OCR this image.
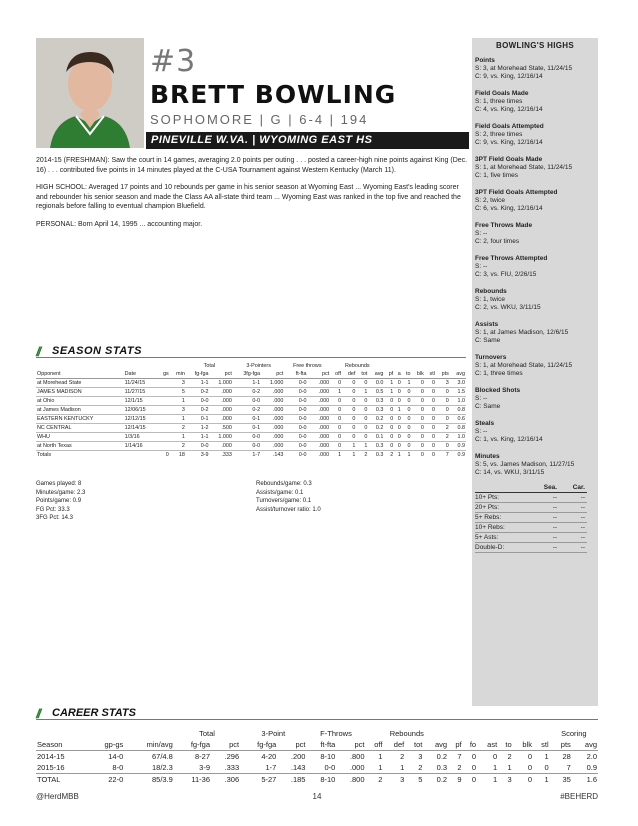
#3
BRETT BOWLING
SOPHOMORE | G | 6-4 | 194
PINEVILLE W.VA. | WYOMING EAST HS

2014-15 (FRESHMAN): Saw the court in 14 games, averaging 2.0 points per outing . . . posted a career-high nine points against King (Dec. 16) . . . contributed five points in 14 minutes played at the C-USA Tournament against Western Kentucky (March 11).

HIGH SCHOOL: Averaged 17 points and 10 rebounds per game in his senior season at Wyoming East ... Wyoming East's leading scorer and rebounder his senior season and made the Class AA all-state third team ... Wyoming East was ranked in the top five and reached the regionals before falling to eventual champion Bluefield.

PERSONAL: Born April 14, 1995 ... accounting major.

BOWLING'S HIGHS
Points
S: 3, at Morehead State, 11/24/15
C: 9, vs. King, 12/16/14
Field Goals Made
S: 1, three times
C: 4, vs. King, 12/16/14
Field Goals Attempted
S: 2, three times
C: 9, vs. King, 12/16/14
3PT Field Goals Made
S: 1, at Morehead State, 11/24/15
C: 1, five times
3PT Field Goals Attempted
S: 2, twice
C: 6, vs. King, 12/16/14
Free Throws Made
S: --
C: 2, four times
Free Throws Attempted
S: --
C: 3, vs. FIU, 2/26/15
Rebounds
S: 1, twice
C: 2, vs. WKU, 3/11/15
Assists
S: 1, at James Madison, 12/6/15
C: Same
Turnovers
S: 1, at Morehead State, 11/24/15
C: 1, three times
Blocked Shots
S: --
C: Same
Steals
S: --
C: 1, vs. King, 12/16/14
Minutes
S: 5, vs. James Madison, 11/27/15
C: 14, vs. WKU, 3/11/15
	Sea.	Car.
10+ Pts:	--	--
20+ Pts:	--	--
5+ Rebs:	--	--
10+ Rebs:	--	--
5+ Asts:	--	--
Double-D:	--	--
// SEASON STATS
				Total		3-Pointers		Free throws		Rebounds										
Opponent	Date	gs	min	fg-fga	pct	3fg-fga	pct	ft-fta	pct	off	def	tot	avg	pf	a	to	blk	stl	pts	avg
at Morehead State	11/24/15		3	1-1	1.000	1-1	1.000	0-0	.000	0	0	0	0.0	1	0	1	0	0	3	3.0
JAMES MADISON	11/27/15		5	0-2	.000	0-2	.000	0-0	.000	1	0	1	0.5	1	0	0	0	0	0	1.5
at Ohio	12/1/15		1	0-0	.000	0-0	.000	0-0	.000	0	0	0	0.3	0	0	0	0	0	0	1.0
at James Madison	12/06/15		3	0-2	.000	0-2	.000	0-0	.000	0	0	0	0.3	0	1	0	0	0	0	0.8
EASTERN KENTUCKY	12/12/15		1	0-1	.000	0-1	.000	0-0	.000	0	0	0	0.2	0	0	0	0	0	0	0.6
NC CENTRAL	12/14/15		2	1-2	.500	0-1	.000	0-0	.000	0	0	0	0.2	0	0	0	0	0	2	0.8
WHU	1/3/16		1	1-1	1.000	0-0	.000	0-0	.000	0	0	0	0.1	0	0	0	0	0	2	1.0
at North Texas	1/14/16		2	0-0	.000	0-0	.000	0-0	.000	0	1	1	0.3	0	0	0	0	0	0	0.9
Totals		0	18	3-9	.333	1-7	.143	0-0	.000	1	1	2	0.3	2	1	1	0	0	7	0.9
Games played: 8
Minutes/game: 2.3
Points/game: 0.9
FG Pct: 33.3
3FG Pct: 14.3
Rebounds/game: 0.3
Assists/game: 0.1
Turnovers/game: 0.1
Assist/turnover ratio: 1.0
// CAREER STATS
			Total		3-Point		F-Throws		Rebounds										Scoring	
Season	gp-gs	min/avg	fg-fga	pct	fg-fga	pct	ft-fta	pct	off	def	tot	avg	pf	fo	ast	to	blk	stl	pts	avg
2014-15	14-0	67/4.8	8-27	.296	4-20	.200	8-10	.800	1	2	3	0.2	7	0	0	2	0	1	28	2.0
2015-16	8-0	18/2.3	3-9	.333	1-7	.143	0-0	.000	1	1	2	0.3	2	0	1	1	0	0	7	0.9
TOTAL	22-0	85/3.9	11-36	.306	5-27	.185	8-10	.800	2	3	5	0.2	9	0	1	3	0	1	35	1.6
@HerdMBB	14	#BEHERD
